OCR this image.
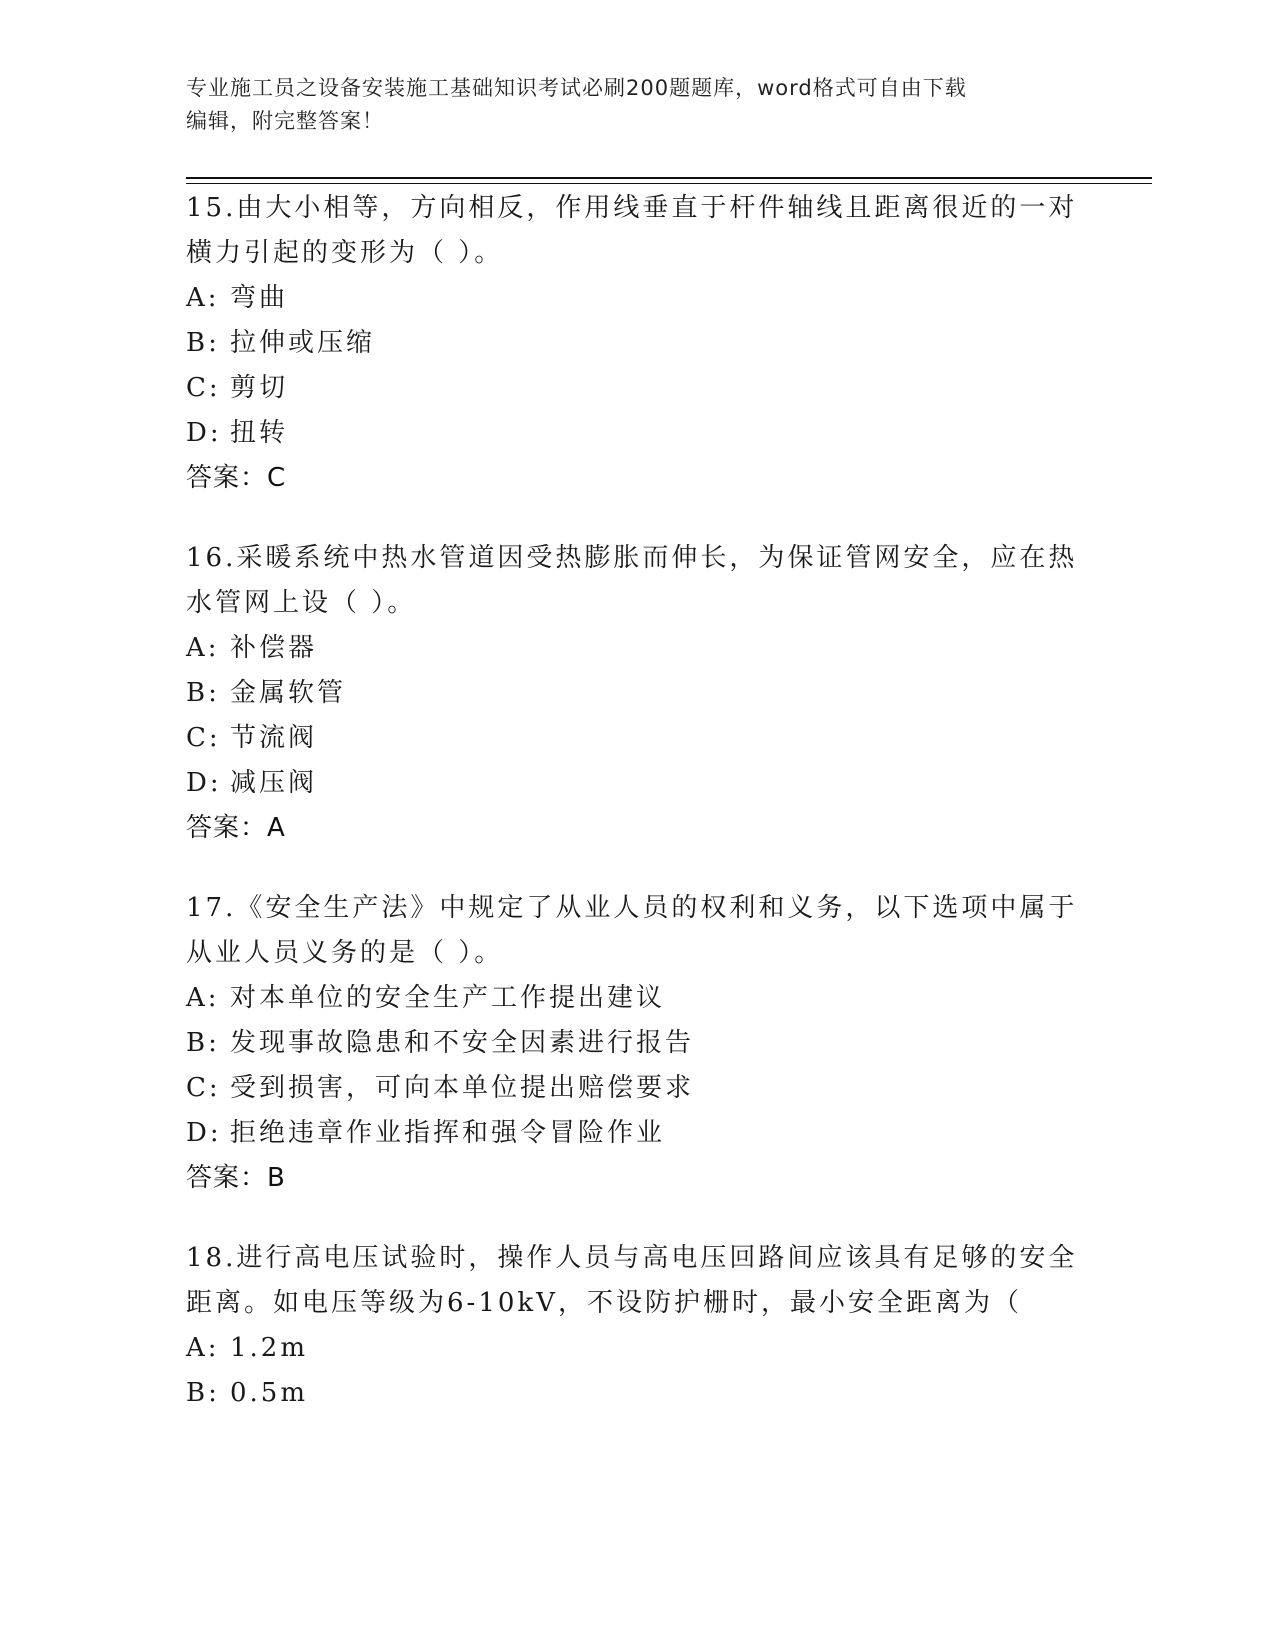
专业施工员之设备安装施工基础知识考试必刷200题题库，word格式可自由下载
编辑，附完整答案！
15.由大小相等，方向相反，作用线垂直于杆件轴线且距离很近的一对
横力引起的变形为（ ）。
A: 弯曲
B: 拉伸或压缩
C: 剪切
D: 扭转
答案：C
16.采暖系统中热水管道因受热膨胀而伸长，为保证管网安全，应在热
水管网上设（ ）。
A: 补偿器
B: 金属软管
C: 节流阀
D: 减压阀
答案：A
17.《安全生产法》中规定了从业人员的权利和义务，以下选项中属于
从业人员义务的是（ ）。
A: 对本单位的安全生产工作提出建议
B: 发现事故隐患和不安全因素进行报告
C: 受到损害，可向本单位提出赔偿要求
D: 拒绝违章作业指挥和强令冒险作业
答案：B
18.进行高电压试验时，操作人员与高电压回路间应该具有足够的安全
距离。如电压等级为6-10kV，不设防护栅时，最小安全距离为（
A: 1.2m
B: 0.5m
